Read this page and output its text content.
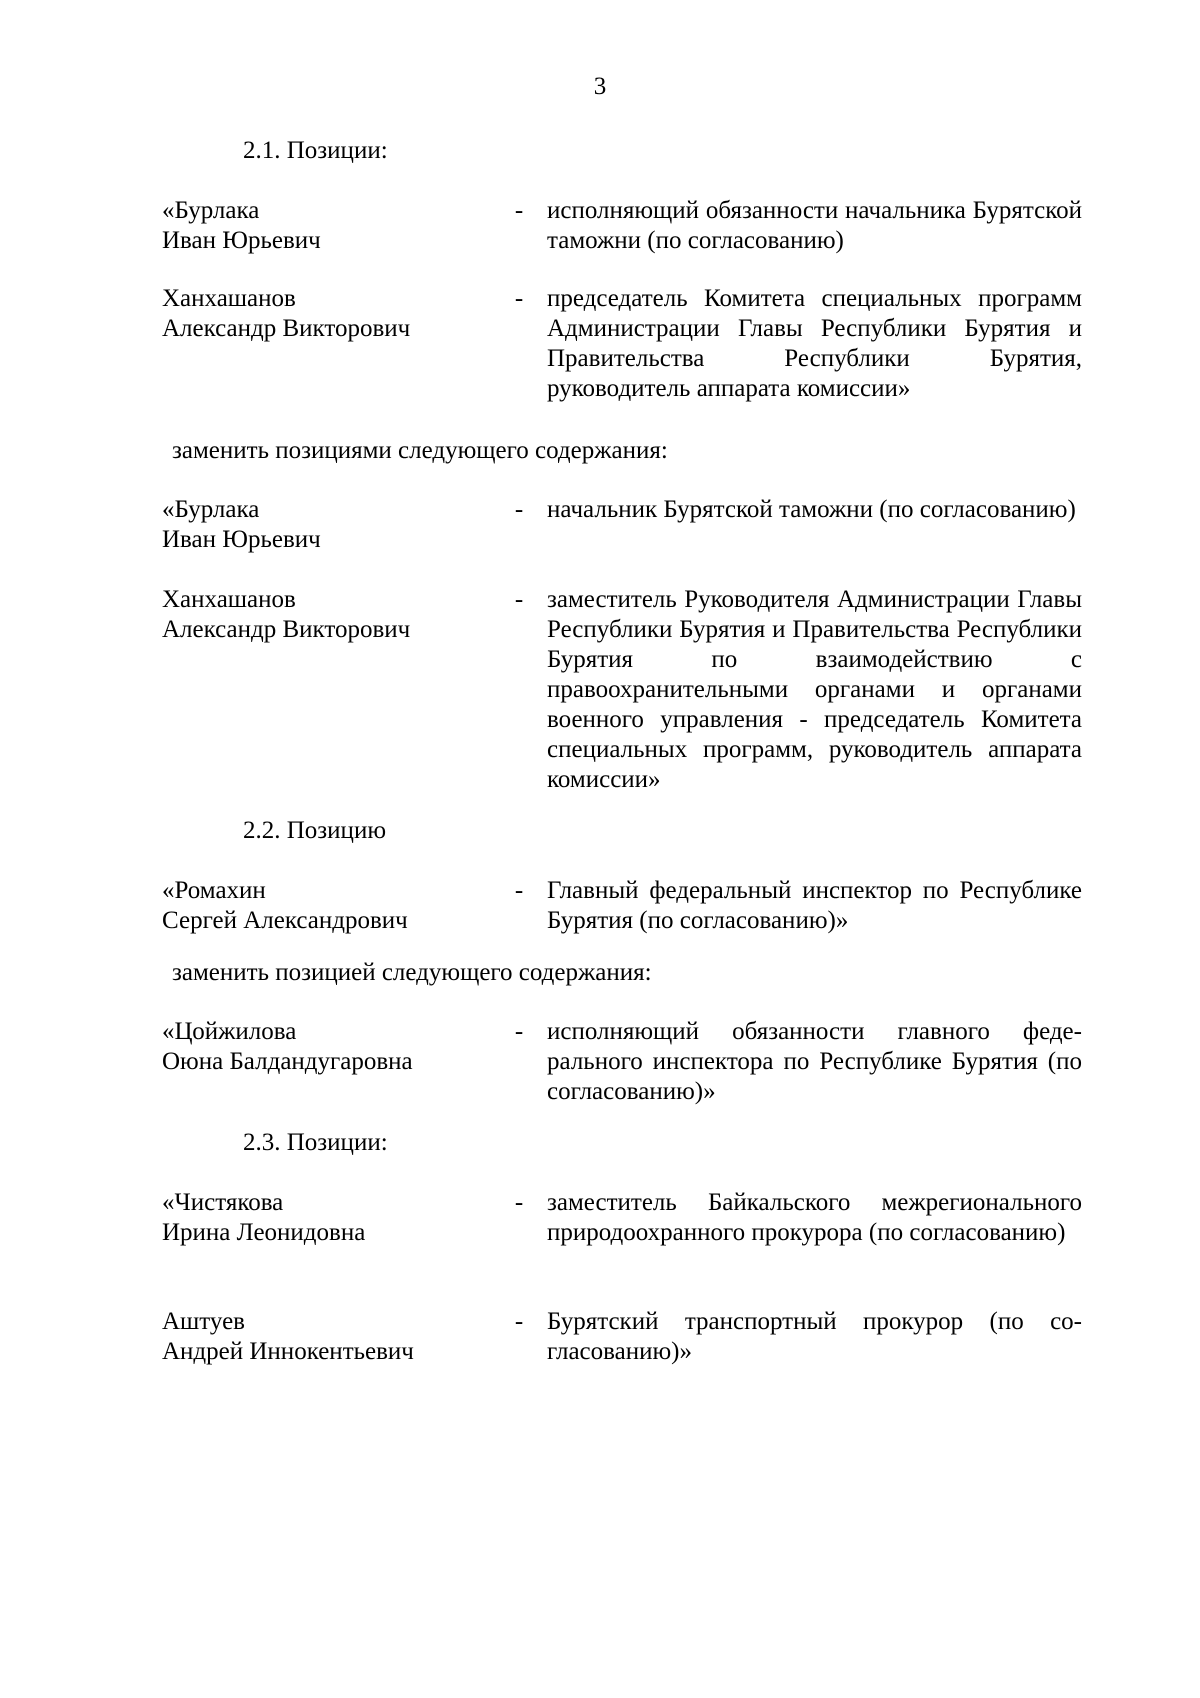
3
2.1. Позиции:
«Бурлака
Иван Юрьевич
- исполняющий обязанности начальника Бурятской таможни (по согласованию)
Ханхашанов
Александр Викторович
- председатель Комитета специальных программ Администрации Главы Республики Бурятия и Правительства Республики Бурятия, руководитель аппарата комиссии»
заменить позициями следующего содержания:
«Бурлака
Иван Юрьевич
- начальник Бурятской таможни (по согласованию)
Ханхашанов
Александр Викторович
- заместитель Руководителя Администрации Главы Республики Бурятия и Правительства Республики Бурятия по взаимодействию с правоохранительными органами и органами военного управления - председатель Комитета специальных программ, руководитель аппарата комиссии»
2.2. Позицию
«Ромахин
Сергей Александрович
- Главный федеральный инспектор по Республике Бурятия (по согласованию)»
заменить позицией следующего содержания:
«Цойжилова
Оюна Балдандугаровна
- исполняющий обязанности главного федерального инспектора по Республике Бурятия (по согласованию)»
2.3. Позиции:
«Чистякова
Ирина Леонидовна
- заместитель Байкальского межрегионального природоохранного прокурора (по согласованию)
Аштуев
Андрей Иннокентьевич
- Бурятский транспортный прокурор (по согласованию)»
